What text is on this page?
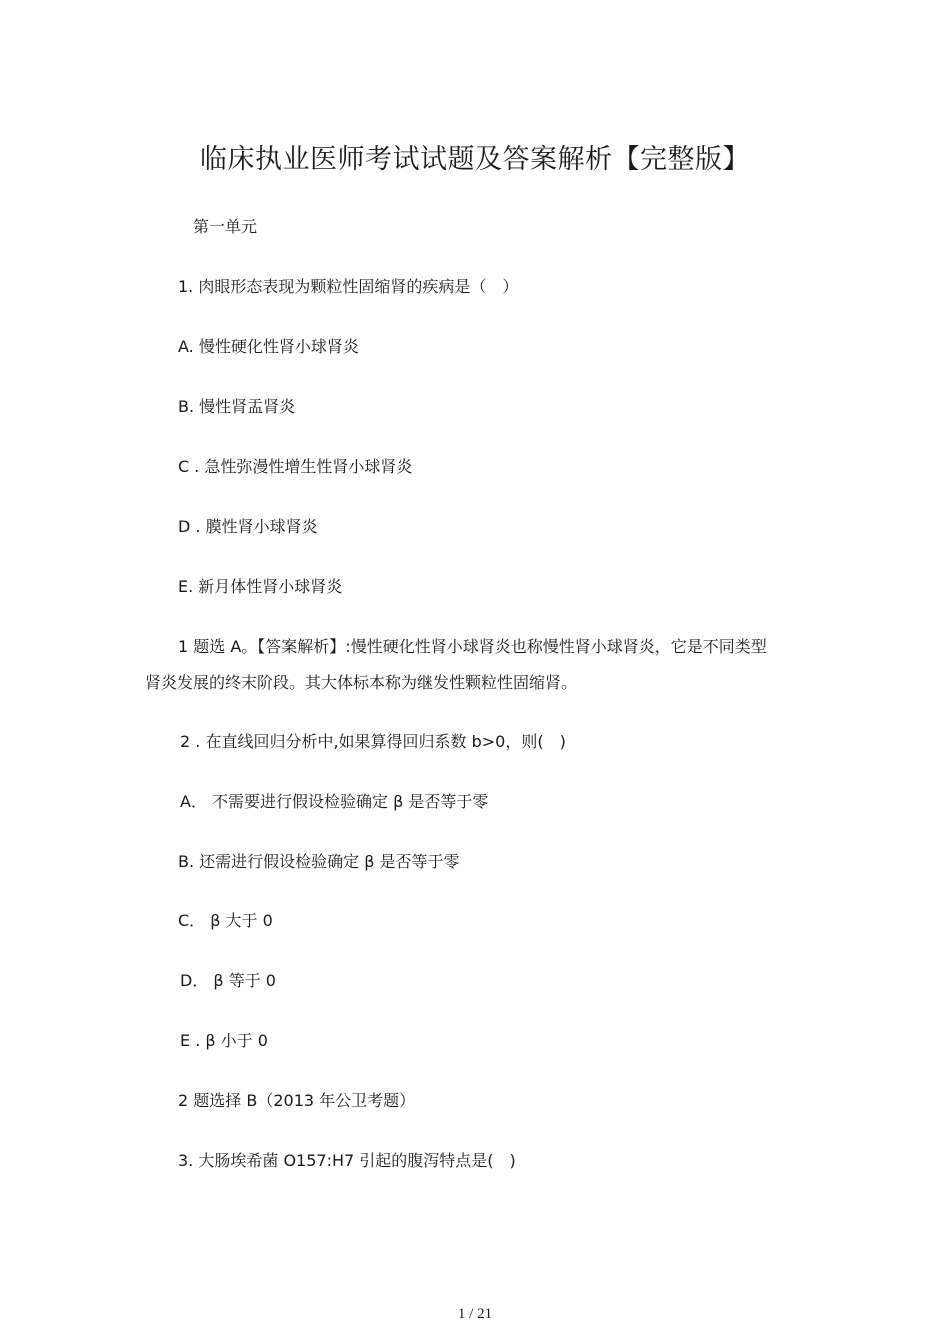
临床执业医师考试试题及答案解析【完整版】

第一单元

1. 肉眼形态表现为颗粒性固缩肾的疾病是（　）

A. 慢性硬化性肾小球肾炎

B. 慢性肾盂肾炎

C . 急性弥漫性增生性肾小球肾炎

D . 膜性肾小球肾炎

E. 新月体性肾小球肾炎

1 题选 A。【答案解析】:慢性硬化性肾小球肾炎也称慢性肾小球肾炎，它是不同类型

肾炎发展的终末阶段。其大体标本称为继发性颗粒性固缩肾。

2 . 在直线回归分析中,如果算得回归系数 b>0，则(　)

A． 不需要进行假设检验确定 β 是否等于零

B. 还需进行假设检验确定 β 是否等于零

C． β 大于 0

D． β 等于 0

E . β 小于 0

2 题选择 B（2013 年公卫考题）

3. 大肠埃希菌 O157:H7 引起的腹泻特点是(　)

1 / 21
